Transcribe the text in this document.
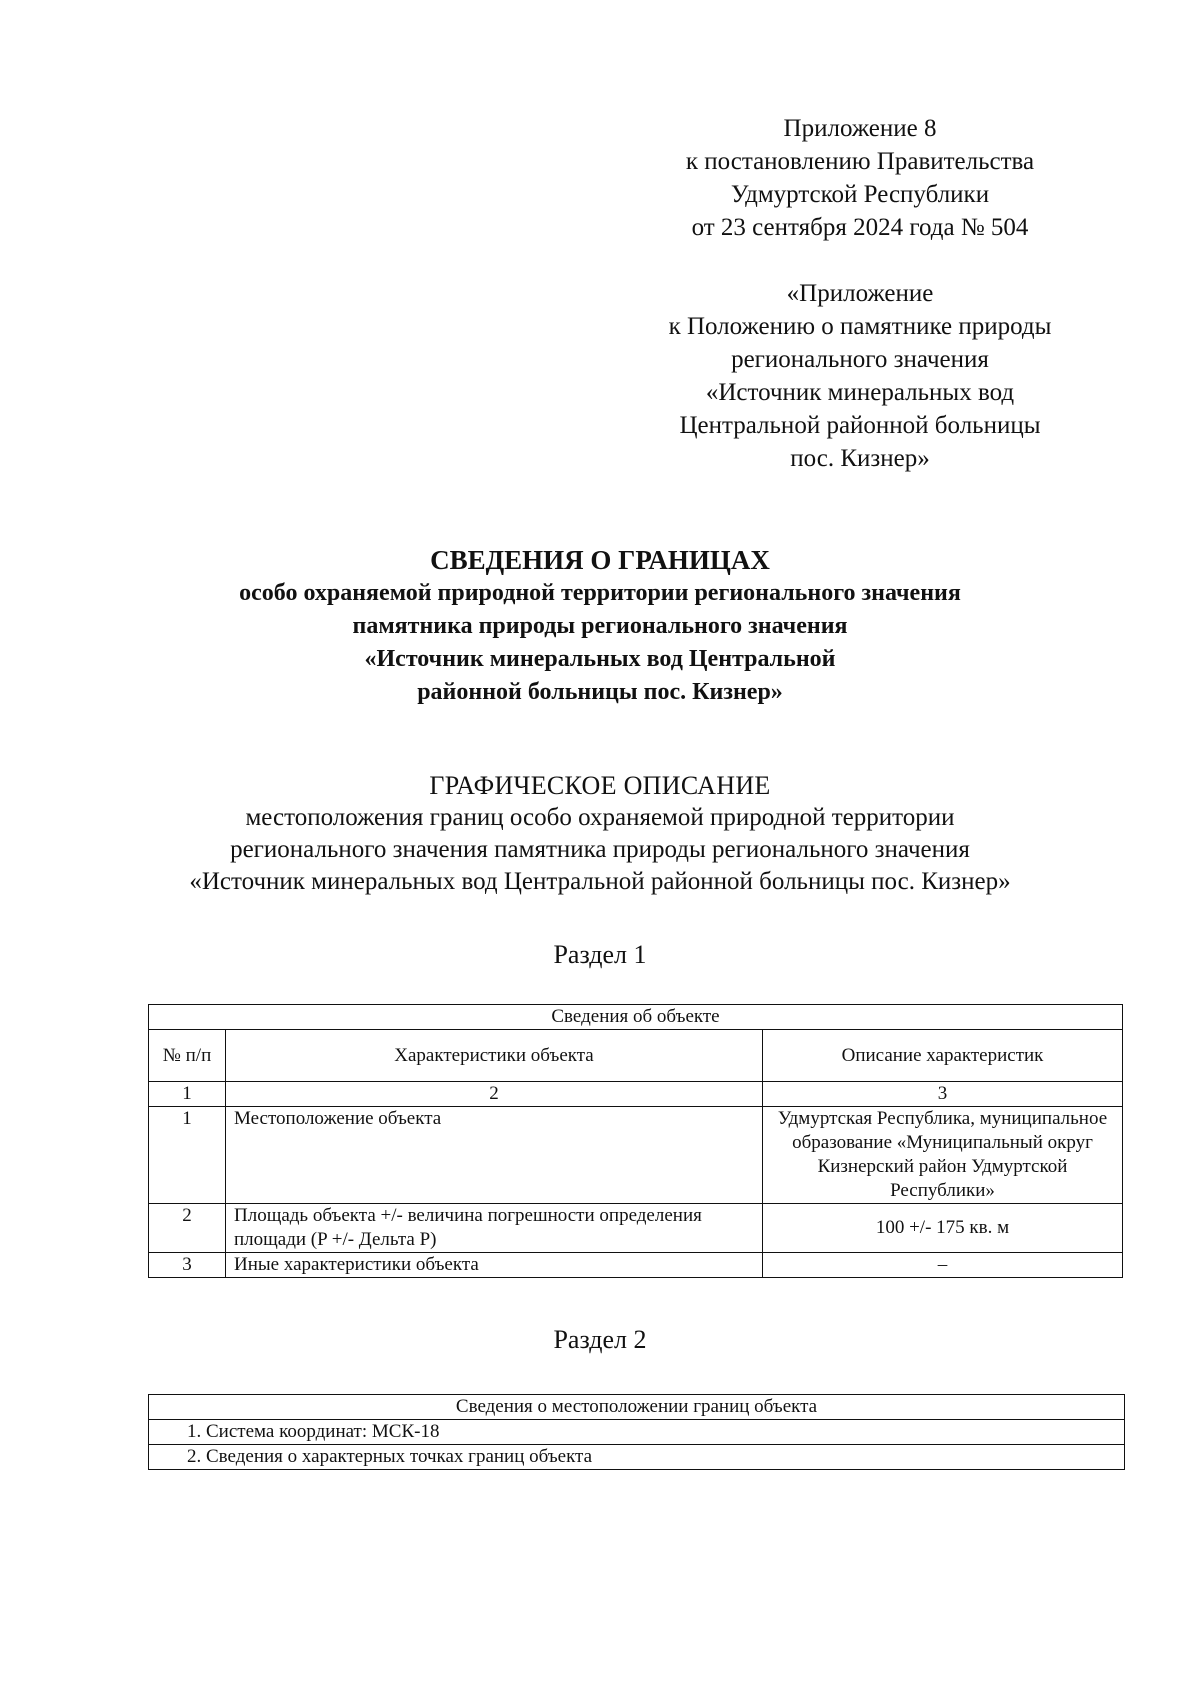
Приложение 8
к постановлению Правительства
Удмуртской Республики
от 23 сентября 2024 года № 504
«Приложение
к Положению о памятнике природы
регионального значения
«Источник минеральных вод
Центральной районной больницы
пос. Кизнер»
СВЕДЕНИЯ О ГРАНИЦАХ
особо охраняемой природной территории регионального значения
памятника природы регионального значения
«Источник минеральных вод Центральной
районной больницы пос. Кизнер»
ГРАФИЧЕСКОЕ ОПИСАНИЕ
местоположения границ особо охраняемой природной территории
регионального значения памятника природы регионального значения
«Источник минеральных вод Центральной районной больницы пос. Кизнер»
Раздел 1
Сведения об объекте		
№ п/п	Характеристики объекта	Описание характеристик
1	2	3
1	Местоположение объекта	Удмуртская Республика, муниципальное образование «Муниципальный округ Кизнерский район Удмуртской Республики»
2	Площадь объекта +/- величина погрешности определения площади (P +/- Дельта P)	100 +/- 175 кв. м
3	Иные характеристики объекта	–
Раздел 2
Сведения о местоположении границ объекта
1. Система координат: МСК-18
2. Сведения о характерных точках границ объекта
